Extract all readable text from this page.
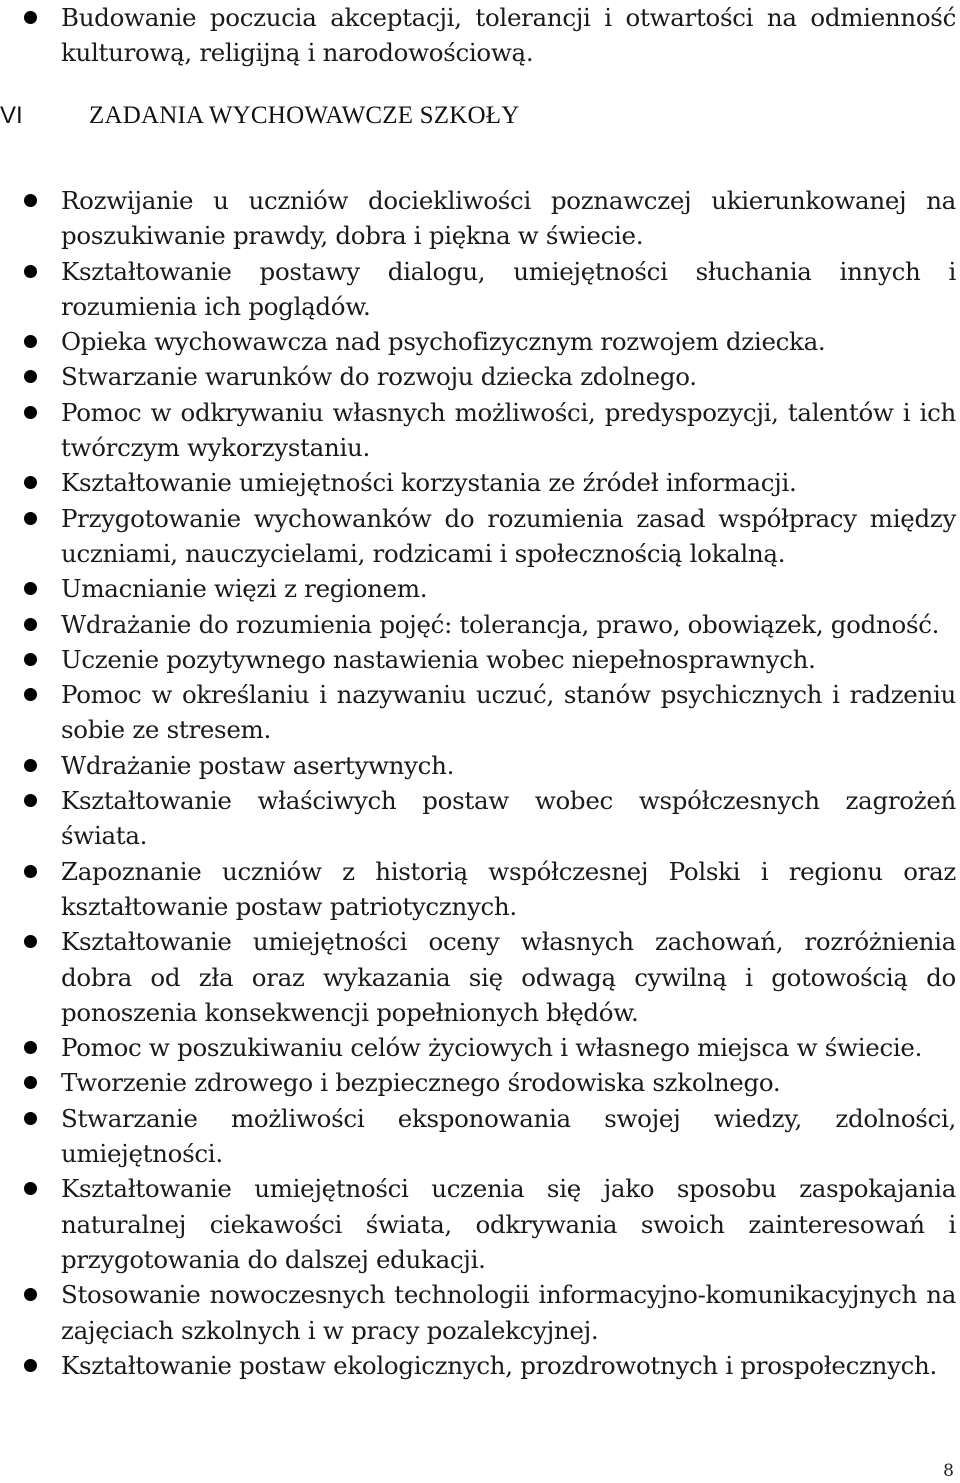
Budowanie poczucia akceptacji, tolerancji i otwartości na odmienność kulturową, religijną i narodowościową.
VI	ZADANIA WYCHOWAWCZE SZKOŁY
Rozwijanie u uczniów dociekliwości poznawczej ukierunkowanej na poszukiwanie prawdy, dobra i piękna w świecie.
Kształtowanie postawy dialogu, umiejętności słuchania innych i rozumienia ich poglądów.
Opieka wychowawcza nad psychofizycznym rozwojem dziecka.
Stwarzanie warunków do rozwoju dziecka zdolnego.
Pomoc w odkrywaniu własnych możliwości, predyspozycji, talentów i ich twórczym wykorzystaniu.
Kształtowanie umiejętności korzystania ze źródeł informacji.
Przygotowanie wychowanków do rozumienia zasad współpracy między uczniami, nauczycielami, rodzicami i społecznością lokalną.
Umacnianie więzi z regionem.
Wdrażanie do rozumienia pojęć: tolerancja, prawo, obowiązek, godność.
Uczenie pozytywnego nastawienia wobec niepełnosprawnych.
Pomoc w określaniu i nazywaniu uczuć, stanów psychicznych i radzeniu sobie ze stresem.
Wdrażanie postaw asertywnych.
Kształtowanie właściwych postaw wobec współczesnych zagrożeń świata.
Zapoznanie uczniów z historią współczesnej Polski i regionu oraz kształtowanie postaw patriotycznych.
Kształtowanie umiejętności oceny własnych zachowań, rozróżnienia dobra od zła oraz wykazania się odwagą cywilną i gotowością do ponoszenia konsekwencji popełnionych błędów.
Pomoc w poszukiwaniu celów życiowych i własnego miejsca w świecie.
Tworzenie zdrowego i bezpiecznego środowiska szkolnego.
Stwarzanie możliwości eksponowania swojej wiedzy, zdolności, umiejętności.
Kształtowanie umiejętności uczenia się jako sposobu zaspokajania naturalnej ciekawości świata, odkrywania swoich zainteresowań i przygotowania do dalszej edukacji.
Stosowanie nowoczesnych technologii informacyjno-komunikacyjnych na zajęciach szkolnych i w pracy pozalekcyjnej.
Kształtowanie postaw ekologicznych, prozdrowotnych i prospołecznych.
8
